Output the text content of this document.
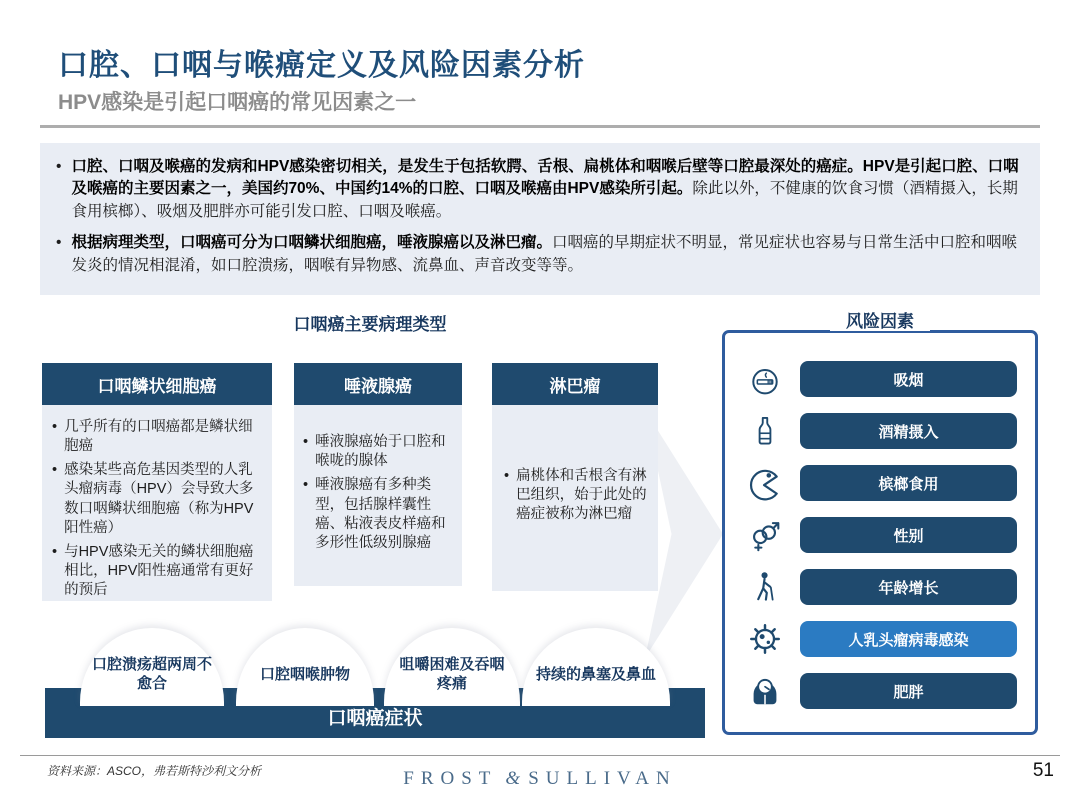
口腔、口咽与喉癌定义及风险因素分析
HPV感染是引起口咽癌的常见因素之一
• 口腔、口咽及喉癌的发病和HPV感染密切相关，是发生于包括软腭、舌根、扁桃体和咽喉后壁等口腔最深处的癌症。HPV是引起口腔、口咽及喉癌的主要因素之一，美国约70%、中国约14%的口腔、口咽及喉癌由HPV感染所引起。除此以外，不健康的饮食习惯（酒精摄入，长期食用槟榔）、吸烟及肥胖亦可能引发口腔、口咽及喉癌。
• 根据病理类型，口咽癌可分为口咽鳞状细胞癌，唾液腺癌以及淋巴瘤。口咽癌的早期症状不明显，常见症状也容易与日常生活中口腔和咽喉发炎的情况相混淆，如口腔溃疡，咽喉有异物感、流鼻血、声音改变等等。
口咽癌主要病理类型
口咽鳞状细胞癌
• 几乎所有的口咽癌都是鳞状细胞癌
• 感染某些高危基因类型的人乳头瘤病毒（HPV）会导致大多数口咽鳞状细胞癌（称为HPV阳性癌）
• 与HPV感染无关的鳞状细胞癌相比，HPV阳性癌通常有更好的预后
唾液腺癌
• 唾液腺癌始于口腔和喉咙的腺体
• 唾液腺癌有多种类型，包括腺样囊性癌、粘液表皮样癌和多形性低级别腺癌
淋巴瘤
• 扁桃体和舌根含有淋巴组织，始于此处的癌症被称为淋巴瘤
口腔溃疡超两周不愈合
口腔咽喉肿物
咀嚼困难及吞咽疼痛
持续的鼻塞及鼻血
口咽癌症状
风险因素
吸烟
酒精摄入
槟榔食用
性别
年龄增长
人乳头瘤病毒感染
肥胖
资料来源：ASCO，弗若斯特沙利文分析	FROST & SULLIVAN	51
